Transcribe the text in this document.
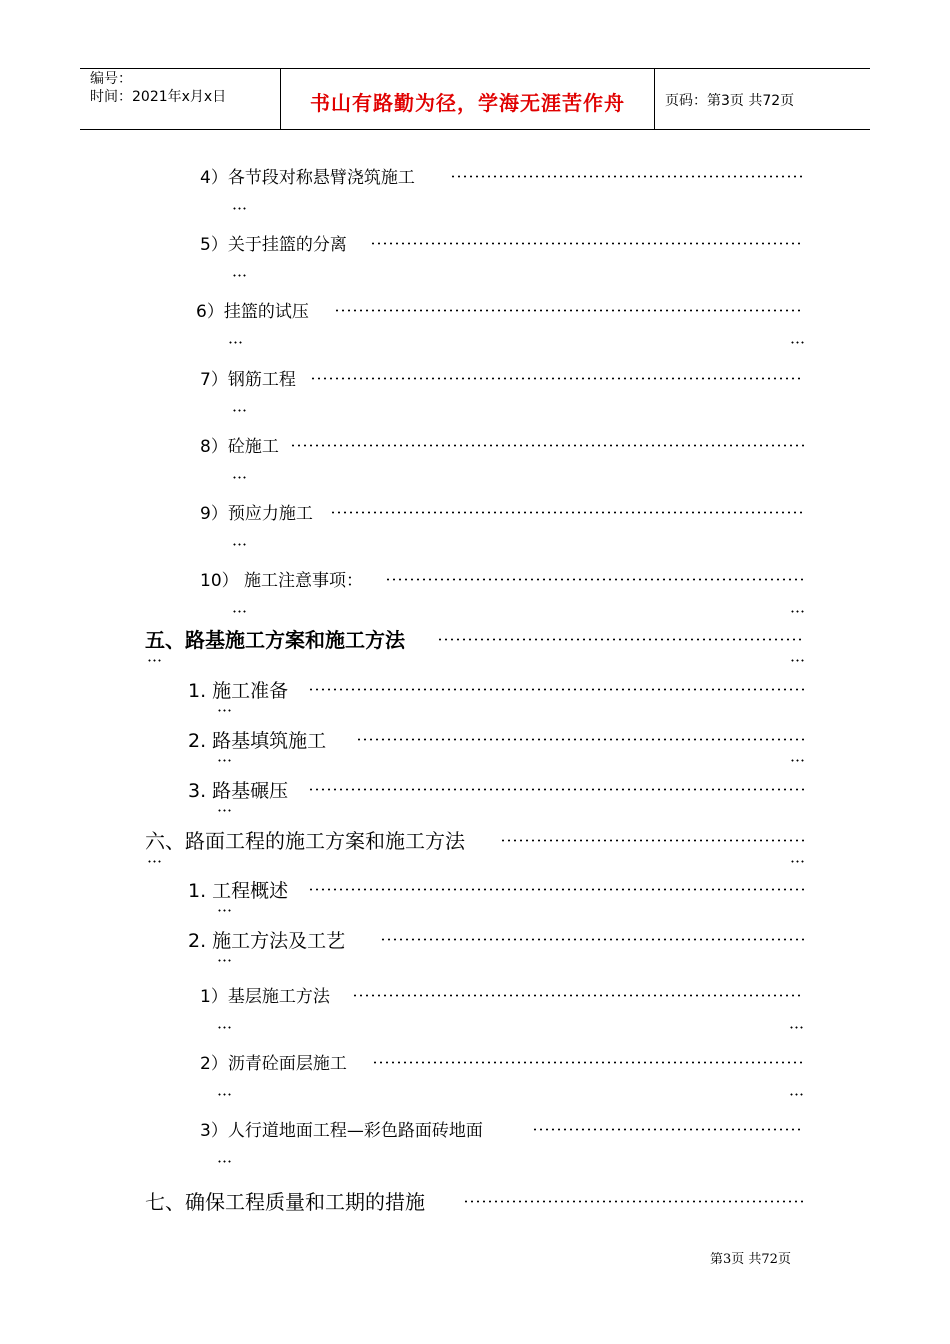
编号：
时间：2021年x月x日	书山有路勤为径，学海无涯苦作舟	页码：第3页 共72页
4）各节段对称悬臂浇筑施工
5）关于挂篮的分离
6）挂篮的试压
7）钢筋工程
8）砼施工
9）预应力施工
10） 施工注意事项：
五、路基施工方案和施工方法
1. 施工准备
2. 路基填筑施工
3. 路基碾压
六、路面工程的施工方案和施工方法
1. 工程概述
2. 施工方法及工艺
1）基层施工方法
2）沥青砼面层施工
3）人行道地面工程—彩色路面砖地面
七、确保工程质量和工期的措施
第3页 共72页
